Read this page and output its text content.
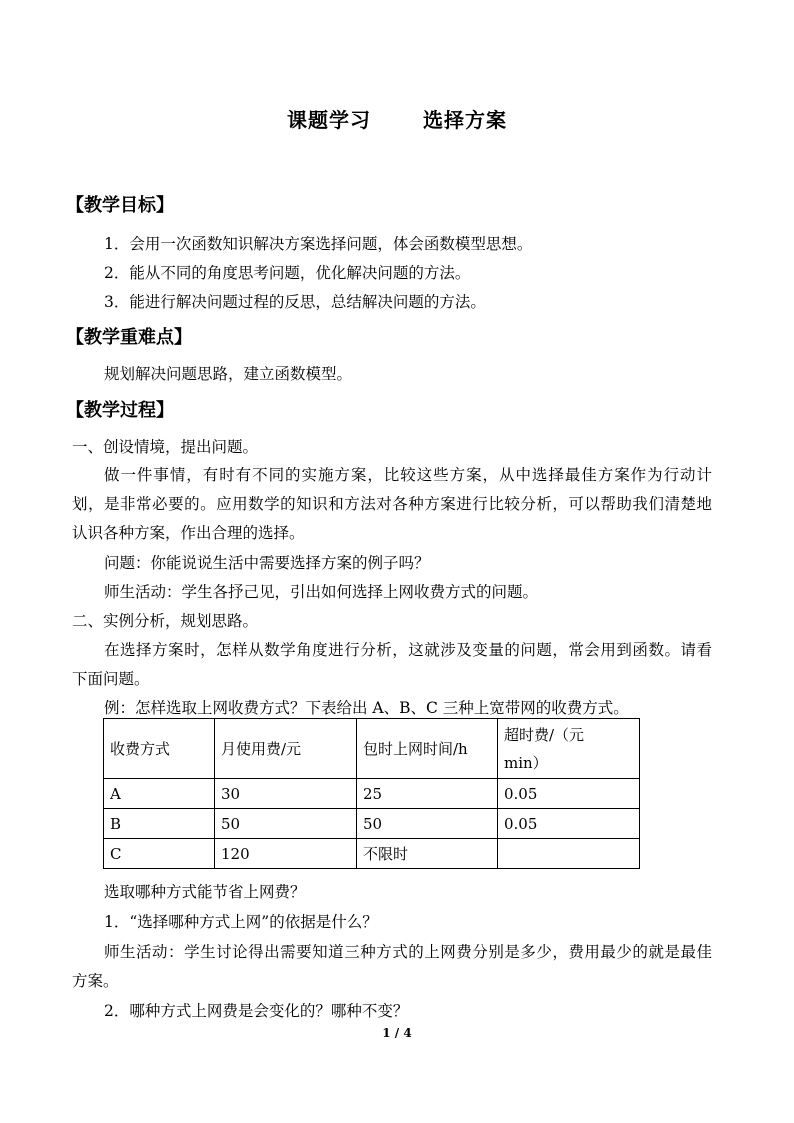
课题学习	选择方案
【教学目标】
1．会用一次函数知识解决方案选择问题，体会函数模型思想。
2．能从不同的角度思考问题，优化解决问题的方法。
3．能进行解决问题过程的反思，总结解决问题的方法。
【教学重难点】
规划解决问题思路，建立函数模型。
【教学过程】
一、创设情境，提出问题。
做一件事情，有时有不同的实施方案，比较这些方案，从中选择最佳方案作为行动计
划，是非常必要的。应用数学的知识和方法对各种方案进行比较分析，可以帮助我们清楚地
认识各种方案，作出合理的选择。
问题：你能说说生活中需要选择方案的例子吗？
师生活动：学生各抒己见，引出如何选择上网收费方式的问题。
二、实例分析，规划思路。
在选择方案时，怎样从数学角度进行分析，这就涉及变量的问题，常会用到函数。请看
下面问题。
例：怎样选取上网收费方式？下表给出 A、B、C 三种上宽带网的收费方式。
收费方式	月使用费/元	包时上网时间/h	超时费/（元
min）
A	30	25	0.05
B	50	50	0.05
C	120	不限时	
选取哪种方式能节省上网费？
1．“选择哪种方式上网”的依据是什么？
师生活动：学生讨论得出需要知道三种方式的上网费分别是多少，费用最少的就是最佳
方案。
2．哪种方式上网费是会变化的？哪种不变？
1 / 4
